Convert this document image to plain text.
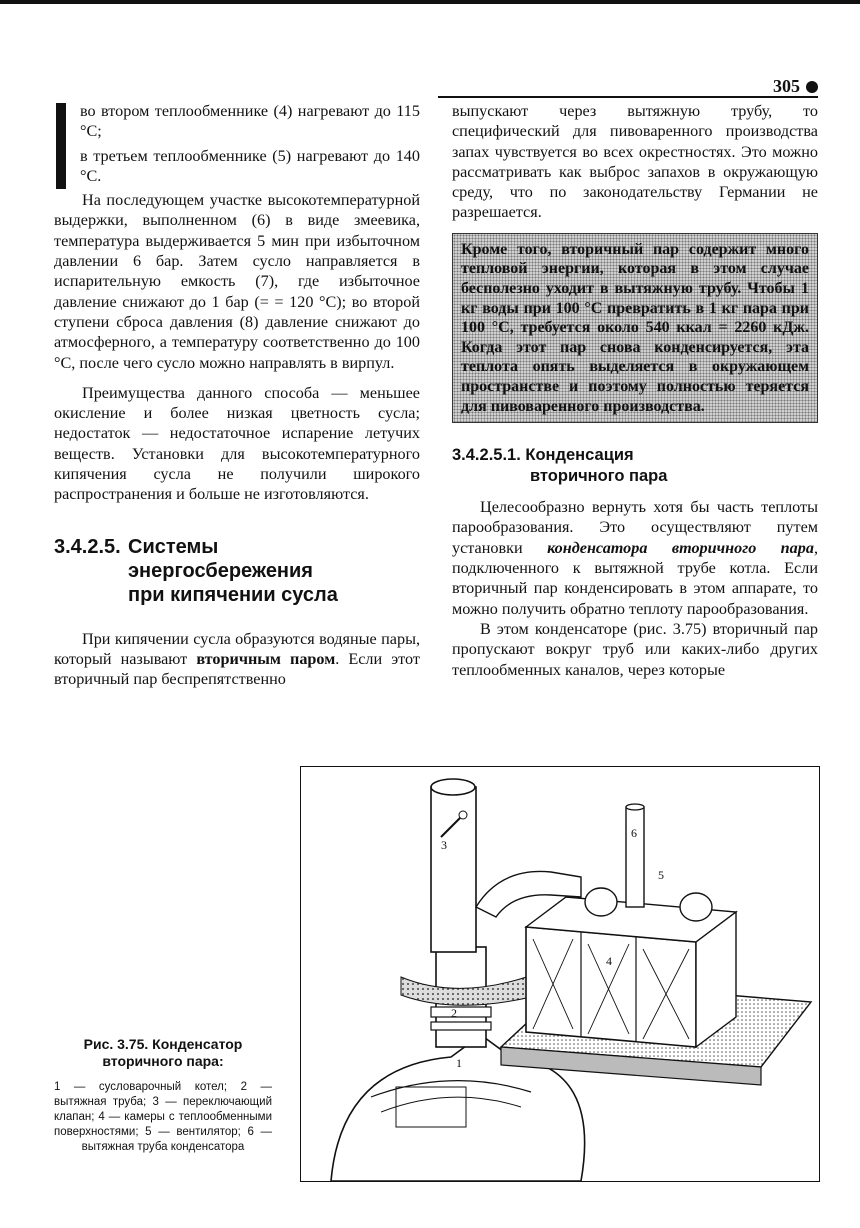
305

во втором теплообменнике (4) нагревают до 115 °С;

в третьем теплообменнике (5) нагревают до 140 °С.

На последующем участке высокотемпературной выдержки, выполненном (6) в виде змеевика, температура выдерживается 5 мин при избыточном давлении 6 бар. Затем сусло направляется в испарительную емкость (7), где избыточное давление снижают до 1 бар (= = 120 °С); во второй ступени сброса давления (8) давление снижают до атмосферного, а температуру соответственно до 100 °С, после чего сусло можно направлять в вирпул.

Преимущества данного способа — меньшее окисление и более низкая цветность сусла; недостаток — недостаточное испарение летучих веществ. Установки для высокотемпературного кипячения сусла не получили широкого распространения и больше не изготовляются.

3.4.2.5. Системы
энергосбережения
при кипячении сусла

При кипячении сусла образуются водяные пары, который называют вторичным паром. Если этот вторичный пар беспрепятственно

выпускают через вытяжную трубу, то специфический для пивоваренного производства запах чувствуется во всех окрестностях. Это можно рассматривать как выброс запахов в окружающую среду, что по законодательству Германии не разрешается.

Кроме того, вторичный пар содержит много тепловой энергии, которая в этом случае бесполезно уходит в вытяжную трубу. Чтобы 1 кг воды при 100 °С превратить в 1 кг пара при 100 °С, требуется около 540 ккал = 2260 кДж. Когда этот пар снова конденсируется, эта теплота опять выделяется в окружающем пространстве и поэтому полностью теряется для пивоваренного производства.
3.4.2.5.1. Конденсация
вторичного пара

Целесообразно вернуть хотя бы часть теплоты парообразования. Это осуществляют путем установки конденсатора вторичного пара, подключенного к вытяжной трубе котла. Если вторичный пар конденсировать в этом аппарате, то можно получить обратно теплоту парообразования.

В этом конденсаторе (рис. 3.75) вторичный пар пропускают вокруг труб или каких-либо других теплообменных каналов, через которые

1
2
3
4
5
6
Рис. 3.75. Конденсатор вторичного пара:
1 — сусловарочный котел; 2 — вытяжная труба; 3 — переключающий клапан; 4 — камеры с теплообменными поверхностями; 5 — вентилятор; 6 — вытяжная труба конденсатора
